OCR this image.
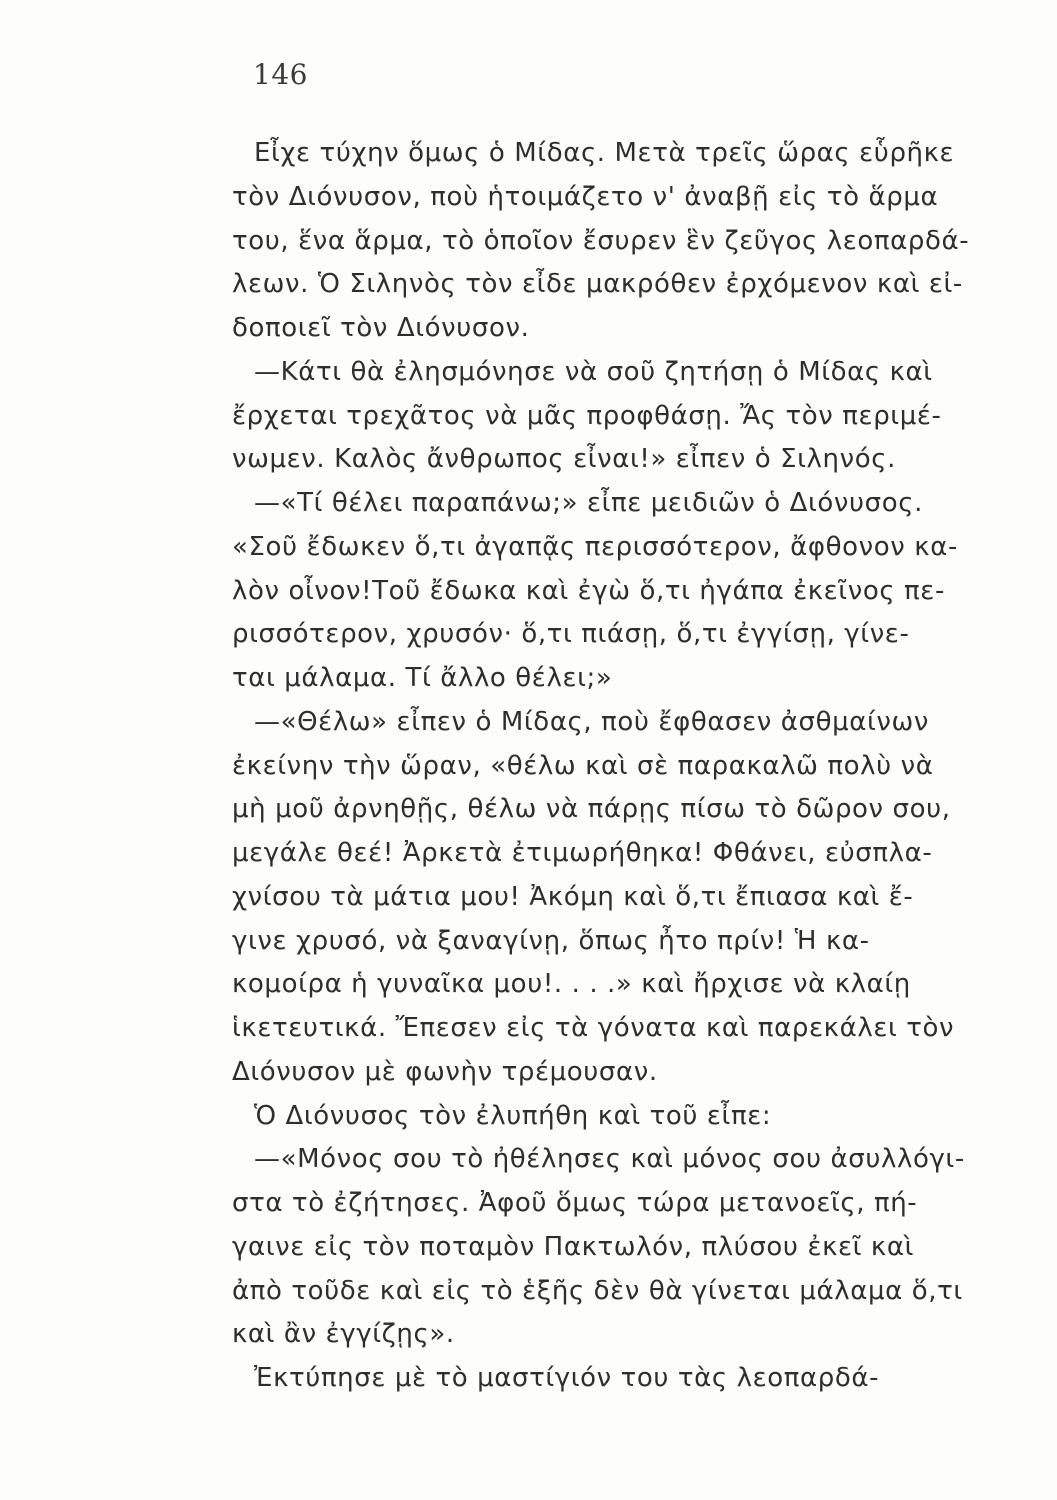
146
Εἶχε τύχην ὅμως ὁ Μίδας. Μετὰ τρεῖς ὥρας εὗρῆκε
τὸν Διόνυσον, ποὺ ἡτοιμάζετο ν' ἀναβῇ εἰς τὸ ἅρμα
του, ἕνα ἅρμα, τὸ ὁποῖον ἔσυρεν ἓν ζεῦγος λεοπαρδά-
λεων. Ὁ Σιληνὸς τὸν εἶδε μακρόθεν ἐρχόμενον καὶ εἰ-
δοποιεῖ τὸν Διόνυσον.
—Κάτι θὰ ἐλησμόνησε νὰ σοῦ ζητήσῃ ὁ Μίδας καὶ
ἔρχεται τρεχᾶτος νὰ μᾶς προφθάσῃ. Ἄς τὸν περιμέ-
νωμεν. Καλὸς ἄνθρωπος εἶναι!» εἶπεν ὁ Σιληνός.
—«Τί θέλει παραπάνω;» εἶπε μειδιῶν ὁ Διόνυσος.
«Σοῦ ἔδωκεν ὅ,τι ἀγαπᾷς περισσότερον, ἄφθονον κα-
λὸν οἶνον!Τοῦ ἔδωκα καὶ ἐγὼ ὅ,τι ἠγάπα ἐκεῖνος πε-
ρισσότερον, χρυσόν· ὅ,τι πιάσῃ, ὅ,τι ἐγγίσῃ, γίνε-
ται μάλαμα. Τί ἄλλο θέλει;»
—«Θέλω» εἶπεν ὁ Μίδας, ποὺ ἔφθασεν ἀσθμαίνων
ἐκείνην τὴν ὥραν, «θέλω καὶ σὲ παρακαλῶ πολὺ νὰ
μὴ μοῦ ἀρνηθῇς, θέλω νὰ πάρῃς πίσω τὸ δῶρον σου,
μεγάλε θεέ! Ἀρκετὰ ἐτιμωρήθηκα! Φθάνει, εὐσπλα-
χνίσου τὰ μάτια μου! Ἀκόμη καὶ ὅ,τι ἔπιασα καὶ ἔ-
γινε χρυσό, νὰ ξαναγίνῃ, ὅπως ἦτο πρίν! Ἡ κα-
κομοίρα ἡ γυναῖκα μου!. . . .» καὶ ἤρχισε νὰ κλαίῃ
ἱκετευτικά. Ἔπεσεν εἰς τὰ γόνατα καὶ παρεκάλει τὸν
Διόνυσον μὲ φωνὴν τρέμουσαν.
Ὁ Διόνυσος τὸν ἐλυπήθη καὶ τοῦ εἶπε:
—«Μόνος σου τὸ ἠθέλησες καὶ μόνος σου ἀσυλλόγι-
στα τὸ ἐζήτησες. Ἀφοῦ ὅμως τώρα μετανοεῖς, πή-
γαινε εἰς τὸν ποταμὸν Πακτωλόν, πλύσου ἐκεῖ καὶ
ἀπὸ τοῦδε καὶ εἰς τὸ ἑξῆς δὲν θὰ γίνεται μάλαμα ὅ,τι
καὶ ἂν ἐγγίζῃς».
Ἐκτύπησε μὲ τὸ μαστίγιόν του τὰς λεοπαρδά-
